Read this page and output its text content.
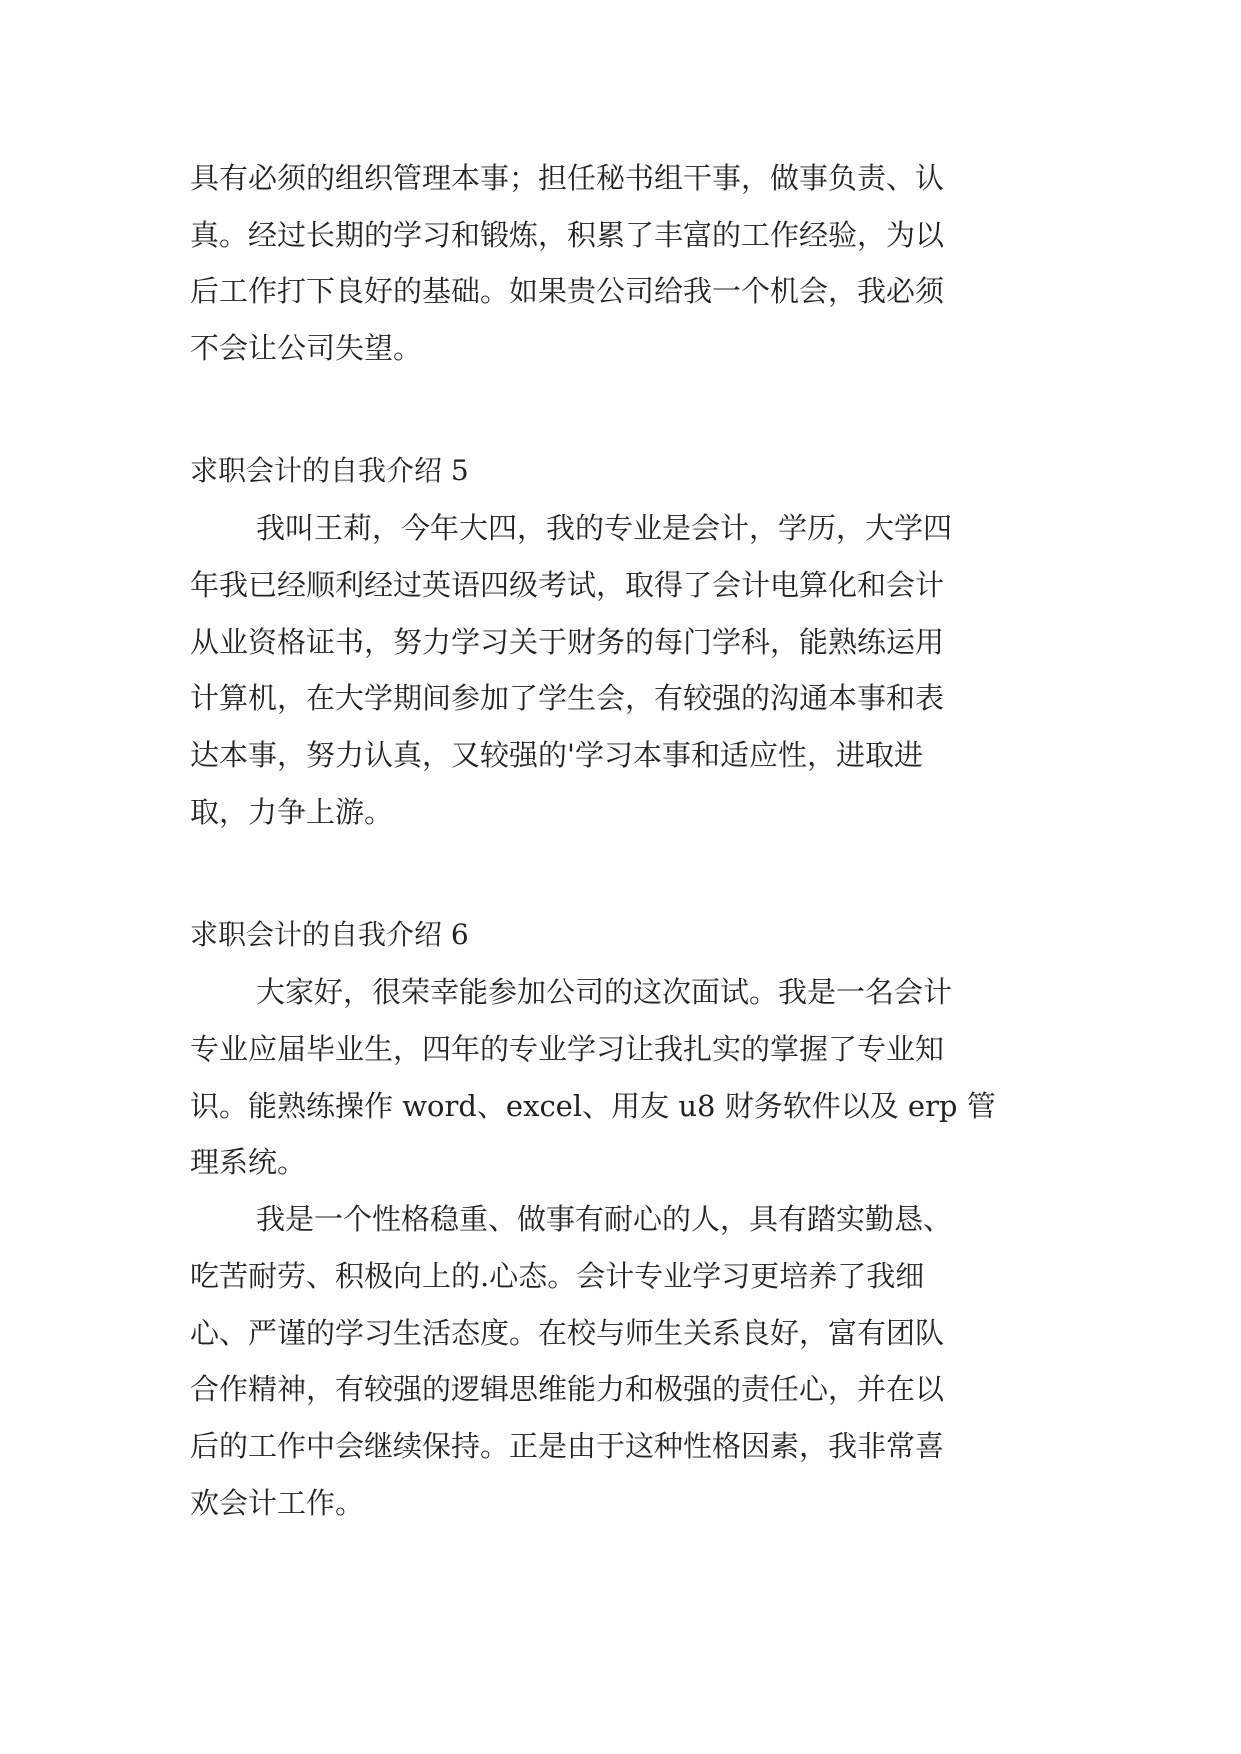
具有必须的组织管理本事；担任秘书组干事，做事负责、认
真。经过长期的学习和锻炼，积累了丰富的工作经验，为以
后工作打下良好的基础。如果贵公司给我一个机会，我必须
不会让公司失望。
求职会计的自我介绍 5
我叫王莉，今年大四，我的专业是会计，学历，大学四
年我已经顺利经过英语四级考试，取得了会计电算化和会计
从业资格证书，努力学习关于财务的每门学科，能熟练运用
计算机，在大学期间参加了学生会，有较强的沟通本事和表
达本事，努力认真，又较强的'学习本事和适应性，进取进
取，力争上游。
求职会计的自我介绍 6
大家好，很荣幸能参加公司的这次面试。我是一名会计
专业应届毕业生，四年的专业学习让我扎实的掌握了专业知
识。能熟练操作 word、excel、用友 u8 财务软件以及 erp 管
理系统。
我是一个性格稳重、做事有耐心的人，具有踏实勤恳、
吃苦耐劳、积极向上的.心态。会计专业学习更培养了我细
心、严谨的学习生活态度。在校与师生关系良好，富有团队
合作精神，有较强的逻辑思维能力和极强的责任心，并在以
后的工作中会继续保持。正是由于这种性格因素，我非常喜
欢会计工作。
